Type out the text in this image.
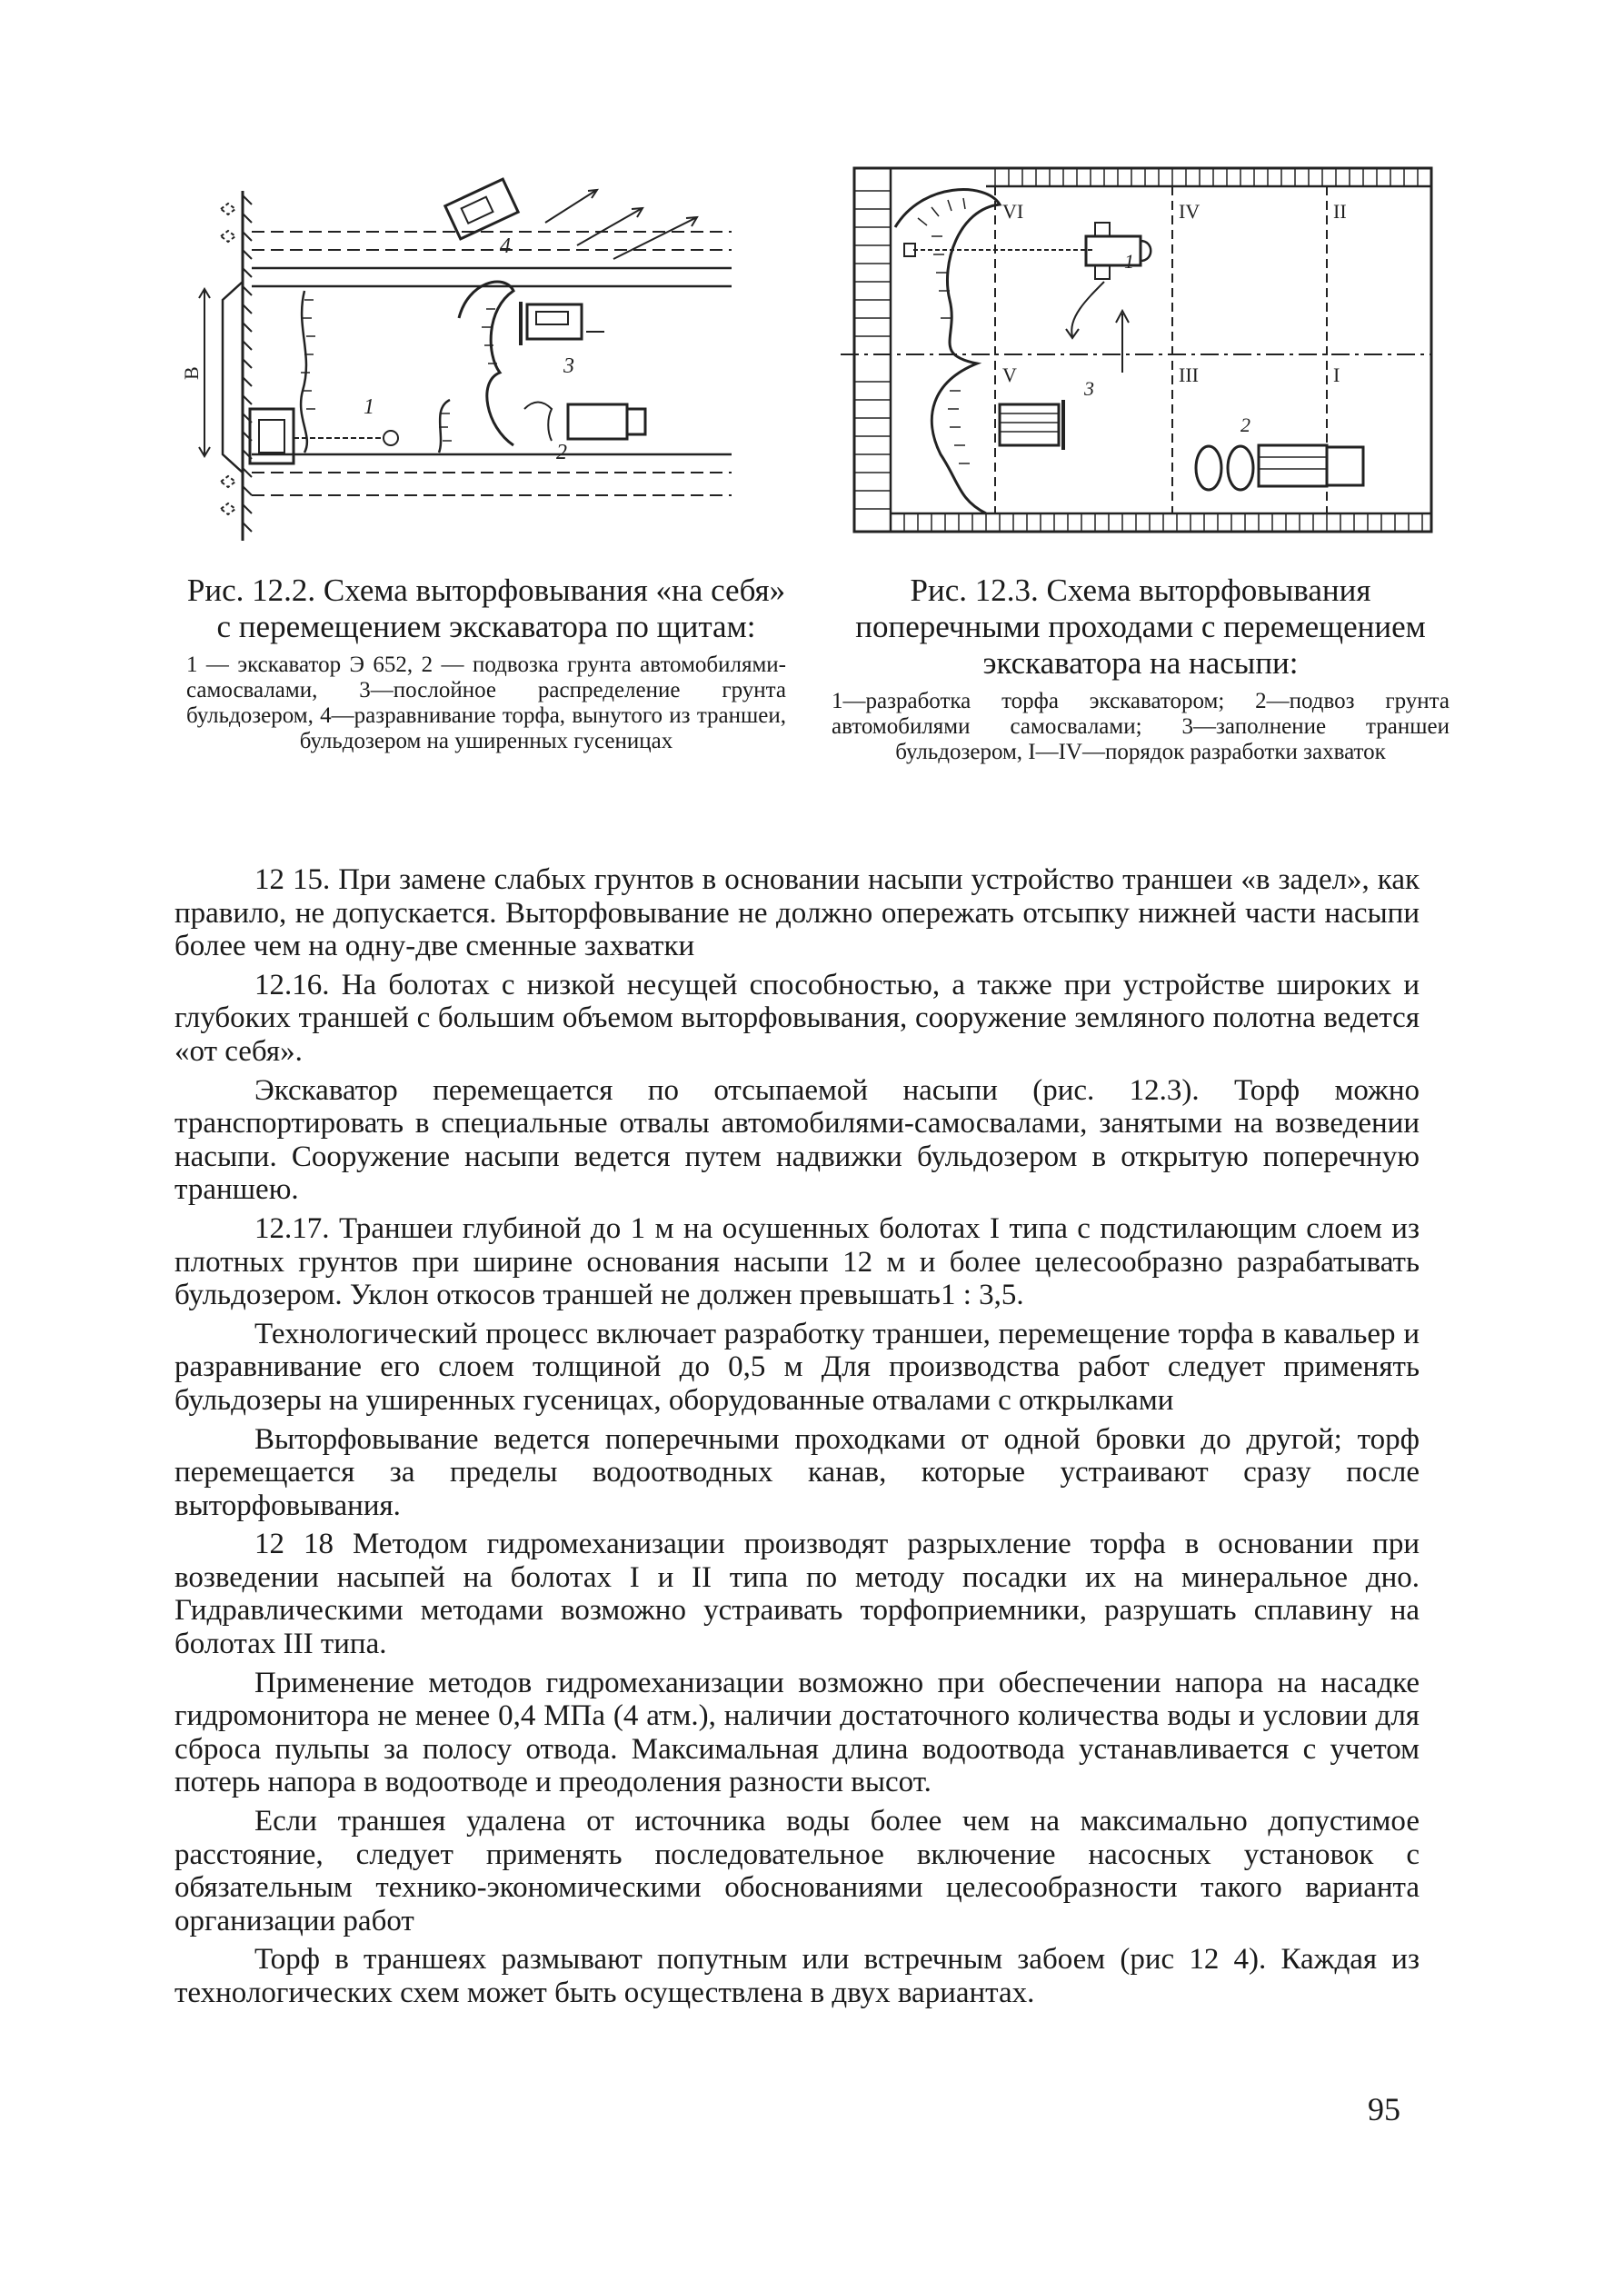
1
2
3
4
В
VI	IV	II
V	III	I
1
2
3
Рис. 12.2. Схема выторфовывания «на себя» с перемещением экскаватора по щитам:
1 — экскаватор Э 652, 2 — подвозка грунта автомобилями-самосвалами, 3—послойное распределение грунта бульдозером, 4—разравнивание торфа, вынутого из траншеи, бульдозером на уширенных гусеницах
Рис. 12.3. Схема выторфовывания поперечными проходами с перемещением экскаватора на насыпи:
1—разработка торфа экскаватором; 2—подвоз грунта автомобилями самосвалами; 3—заполнение траншеи бульдозером, I—IV—порядок разработки захваток

12 15. При замене слабых грунтов в основании насыпи устройство траншеи «в задел», как правило, не допускается. Выторфовывание не должно опережать отсыпку нижней части насыпи более чем на одну-две сменные захватки

12.16. На болотах с низкой несущей способностью, а также при устройстве широких и глубоких траншей с большим объемом выторфовывания, сооружение земляного полотна ведется «от себя».

Экскаватор перемещается по отсыпаемой насыпи (рис. 12.3). Торф можно транспортировать в специальные отвалы автомобилями-самосвалами, занятыми на возведении насыпи. Сооружение насыпи ведется путем надвижки бульдозером в открытую поперечную траншею.

12.17. Траншеи глубиной до 1 м на осушенных болотах I типа с подстилающим слоем из плотных грунтов при ширине основания насыпи 12 м и более целесообразно разрабатывать бульдозером. Уклон откосов траншей не должен превышать1 : 3,5.

Технологический процесс включает разработку траншеи, перемещение торфа в кавальер и разравнивание его слоем толщиной до 0,5 м Для производства работ следует применять бульдозеры на уширенных гусеницах, оборудованные отвалами с открылками

Выторфовывание ведется поперечными проходками от одной бровки до другой; торф перемещается за пределы водоотводных канав, которые устраивают сразу после выторфовывания.

12 18 Методом гидромеханизации производят разрыхление торфа в основании при возведении насыпей на болотах I и II типа по методу посадки их на минеральное дно. Гидравлическими методами возможно устраивать торфоприемники, разрушать сплавину на болотах III типа.

Применение методов гидромеханизации возможно при обеспечении напора на насадке гидромонитора не менее 0,4 МПа (4 атм.), наличии достаточного количества воды и условии для сброса пульпы за полосу отвода. Максимальная длина водоотвода устанавливается с учетом потерь напора в водоотводе и преодоления разности высот.

Если траншея удалена от источника воды более чем на максимально допустимое расстояние, следует применять последовательное включение насосных установок с обязательным технико-экономическими обоснованиями целесообразности такого варианта организации работ

Торф в траншеях размывают попутным или встречным забоем (рис 12 4). Каждая из технологических схем может быть осуществлена в двух вариантах.

95
